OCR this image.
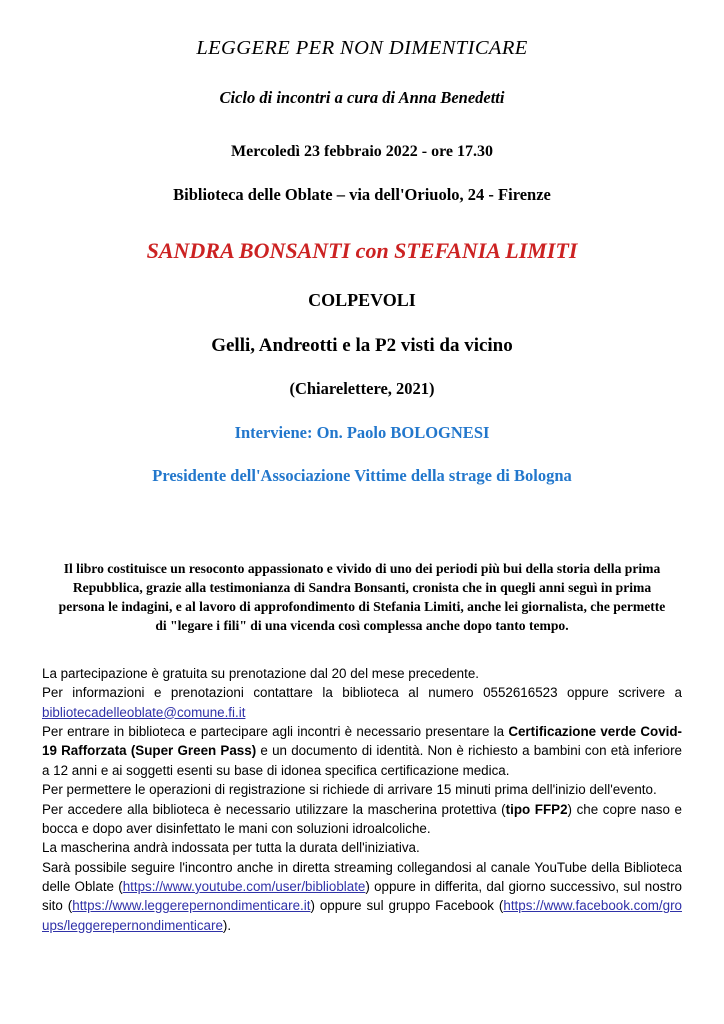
LEGGERE PER NON DIMENTICARE

Ciclo di incontri a cura di Anna Benedetti

Mercoledì 23 febbraio 2022 - ore 17.30

Biblioteca delle Oblate – via dell'Oriuolo, 24 - Firenze

SANDRA BONSANTI con STEFANIA LIMITI

COLPEVOLI

Gelli, Andreotti e la P2 visti da vicino

(Chiarelettere, 2021)

Interviene: On. Paolo BOLOGNESI

Presidente dell'Associazione Vittime della strage di Bologna

Il libro costituisce un resoconto appassionato e vivido di uno dei periodi più bui della storia della prima Repubblica, grazie alla testimonianza di Sandra Bonsanti, cronista che in quegli anni seguì in prima persona le indagini, e al lavoro di approfondimento di Stefania Limiti, anche lei giornalista, che permette di "legare i fili" di una vicenda così complessa anche dopo tanto tempo.

La partecipazione è gratuita su prenotazione dal 20 del mese precedente.

Per informazioni e prenotazioni contattare la biblioteca al numero 0552616523 oppure scrivere a bibliotecadelleoblate@comune.fi.it

Per entrare in biblioteca e partecipare agli incontri è necessario presentare la Certificazione verde Covid-19 Rafforzata (Super Green Pass) e un documento di identità. Non è richiesto a bambini con età inferiore a 12 anni e ai soggetti esenti su base di idonea specifica certificazione medica.

Per permettere le operazioni di registrazione si richiede di arrivare 15 minuti prima dell'inizio dell'evento.

Per accedere alla biblioteca è necessario utilizzare la mascherina protettiva (tipo FFP2) che copre naso e bocca e dopo aver disinfettato le mani con soluzioni idroalcoliche.

La mascherina andrà indossata per tutta la durata dell'iniziativa.

Sarà possibile seguire l'incontro anche in diretta streaming collegandosi al canale YouTube della Biblioteca delle Oblate (https://www.youtube.com/user/biblioblate) oppure in differita, dal giorno successivo, sul nostro sito (https://www.leggerepernondimenticare.it) oppure sul gruppo Facebook (https://www.facebook.com/groups/leggerepernondimenticare).
